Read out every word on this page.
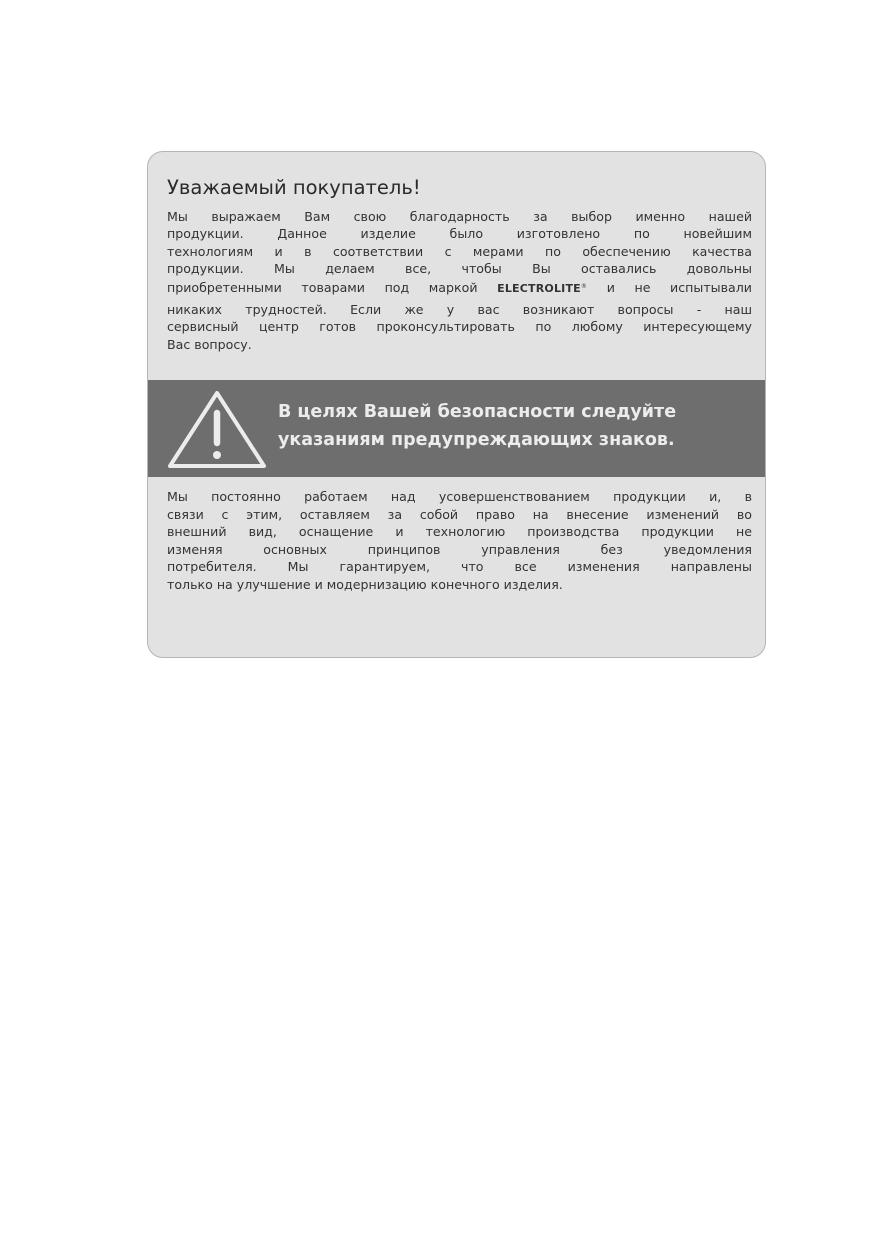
Уважаемый покупатель!

Мы выражаем Вам свою благодарность за выбор именно нашей
продукции. Данное изделие было изготовлено по новейшим
технологиям и в соответствии с мерами по обеспечению качества
продукции. Мы делаем все, чтобы Вы оставались довольны
приобретенными товарами под маркой ELECTROLITE® и не испытывали
никаких трудностей. Если же у вас возникают вопросы - наш
сервисный центр готов проконсультировать по любому интересующему
Вас вопросу.

В целях Вашей безопасности следуйте
указаниям предупреждающих знаков.

Мы постоянно работаем над усовершенствованием продукции и, в
связи с этим, оставляем за собой право на внесение изменений во
внешний вид, оснащение и технологию производства продукции не
изменяя основных принципов управления без уведомления
потребителя. Мы гарантируем, что все изменения направлены
только на улучшение и модернизацию конечного изделия.
